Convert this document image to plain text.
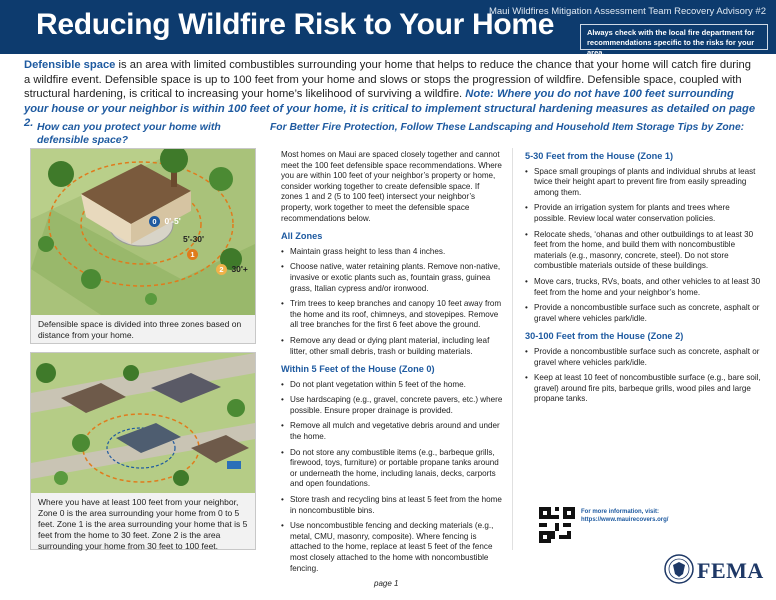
Reducing Wildfire Risk to Your Home
Maui Wildfires Mitigation Assessment Team Recovery Advisory #2
Always check with the local fire department for
recommendations specific to the risks for your area.
Defensible space is an area with limited combustibles surrounding your home that helps to reduce the chance that your home will catch fire during a wildfire event. Defensible space is up to 100 feet from your home and slows or stops the progression of wildfire. Defensible space, coupled with structural hardening, is critical to increasing your home’s likelihood of surviving a wildfire. Note: Where you do not have 100 feet surrounding your house or your neighbor is within 100 feet of your home, it is critical to implement structural hardening measures as detailed on page 2. How can you protect your home with defensible space?
For Better Fire Protection, Follow These Landscaping and Household Item Storage Tips by Zone:
0 0'-5'
5'-30'
1
2 30'+
Defensible space is divided into three zones based on distance from your home.
Where you have at least 100 feet from your neighbor, Zone 0 is the area surrounding your home from 0 to 5 feet. Zone 1 is the area surrounding your home that is 5 feet from the home to 30 feet. Zone 2 is the area surrounding your home from 30 feet to 100 feet.

Most homes on Maui are spaced closely together and cannot meet the 100 feet defensible space recommendations. Where you are within 100 feet of your neighbor’s property or home, consider working together to create defensible space. If zones 1 and 2 (5 to 100 feet) intersect your neighbor’s property, work together to meet the defensible space recommendations below.

All Zones
• Maintain grass height to less than 4 inches.
• Choose native, water retaining plants. Remove non-native, invasive or exotic plants such as, fountain grass, guinea grass, Italian cypress and/or ironwood.
• Trim trees to keep branches and canopy 10 feet away from the home and its roof, chimneys, and stovepipes. Remove all tree branches for the first 6 feet above the ground.
• Remove any dead or dying plant material, including leaf litter, other small debris, trash or building materials.
Within 5 Feet of the House (Zone 0)
• Do not plant vegetation within 5 feet of the home.
• Use hardscaping (e.g., gravel, concrete pavers, etc.) where possible. Ensure proper drainage is provided.
• Remove all mulch and vegetative debris around and under the home.
• Do not store any combustible items (e.g., barbeque grills, firewood, toys, furniture) or portable propane tanks around or underneath the home, including lanais, decks, carports and open foundations.
• Store trash and recycling bins at least 5 feet from the home in noncombustible bins.
• Use noncombustible fencing and decking materials (e.g., metal, CMU, masonry, composite). Where fencing is attached to the home, replace at least 5 feet of the fence most closely attached to the home with noncombustible fencing.
5-30 Feet from the House (Zone 1)
• Space small groupings of plants and individual shrubs at least twice their height apart to prevent fire from easily spreading among them.
• Provide an irrigation system for plants and trees where possible. Review local water conservation policies.
• Relocate sheds, ‘ohanas and other outbuildings to at least 30 feet from the home, and build them with noncombustible materials (e.g., masonry, concrete, steel). Do not store combustible materials outside of these buildings.
• Move cars, trucks, RVs, boats, and other vehicles to at least 30 feet from the home and your neighbor’s home.
• Provide a noncombustible surface such as concrete, asphalt or gravel where vehicles park/idle.
30-100 Feet from the House (Zone 2)
• Provide a noncombustible surface such as concrete, asphalt or gravel where vehicles park/idle.
• Keep at least 10 feet of noncombustible surface (e.g., bare soil, gravel) around fire pits, barbeque grills, wood piles and large propane tanks.
For more information, visit:
https://www.mauirecovers.org/
page 1
FEMA
